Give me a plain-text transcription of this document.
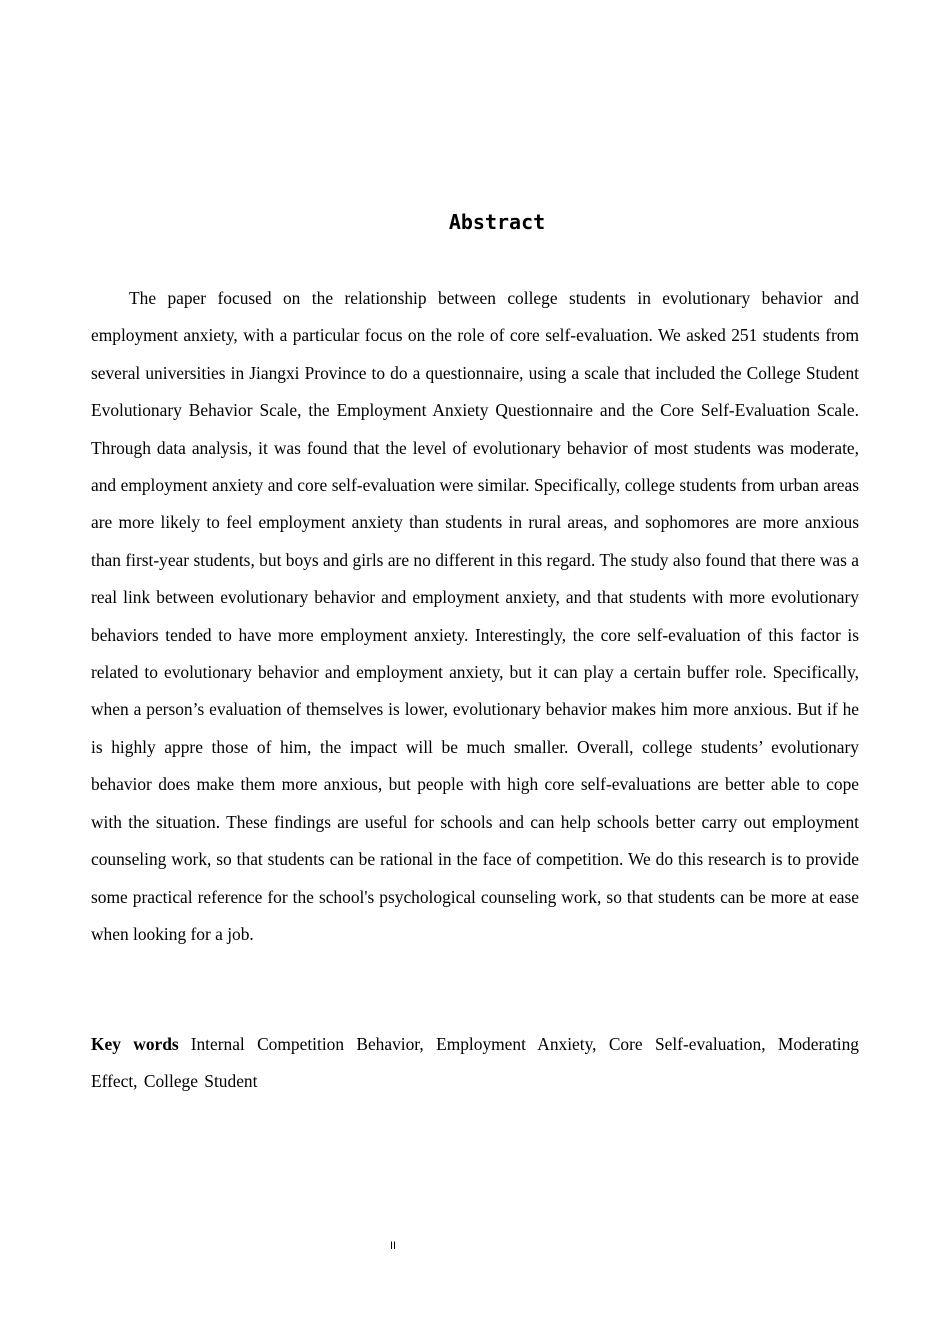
Abstract

The paper focused on the relationship between college students in evolutionary behavior and employment anxiety, with a particular focus on the role of core self-evaluation. We asked 251 students from several universities in Jiangxi Province to do a questionnaire, using a scale that included the College Student Evolutionary Behavior Scale, the Employment Anxiety Questionnaire and the Core Self-Evaluation Scale. Through data analysis, it was found that the level of evolutionary behavior of most students was moderate, and employment anxiety and core self-evaluation were similar. Specifically, college students from urban areas are more likely to feel employment anxiety than students in rural areas, and sophomores are more anxious than first-year students, but boys and girls are no different in this regard. The study also found that there was a real link between evolutionary behavior and employment anxiety, and that students with more evolutionary behaviors tended to have more employment anxiety. Interestingly, the core self-evaluation of this factor is related to evolutionary behavior and employment anxiety, but it can play a certain buffer role. Specifically, when a person’s evaluation of themselves is lower, evolutionary behavior makes him more anxious. But if he is highly appre those of him, the impact will be much smaller. Overall, college students’ evolutionary behavior does make them more anxious, but people with high core self-evaluations are better able to cope with the situation. These findings are useful for schools and can help schools better carry out employment counseling work, so that students can be rational in the face of competition. We do this research is to provide some practical reference for the school's psychological counseling work, so that students can be more at ease when looking for a job.

Key words Internal Competition Behavior, Employment Anxiety, Core Self-evaluation, Moderating Effect, College Student

II
